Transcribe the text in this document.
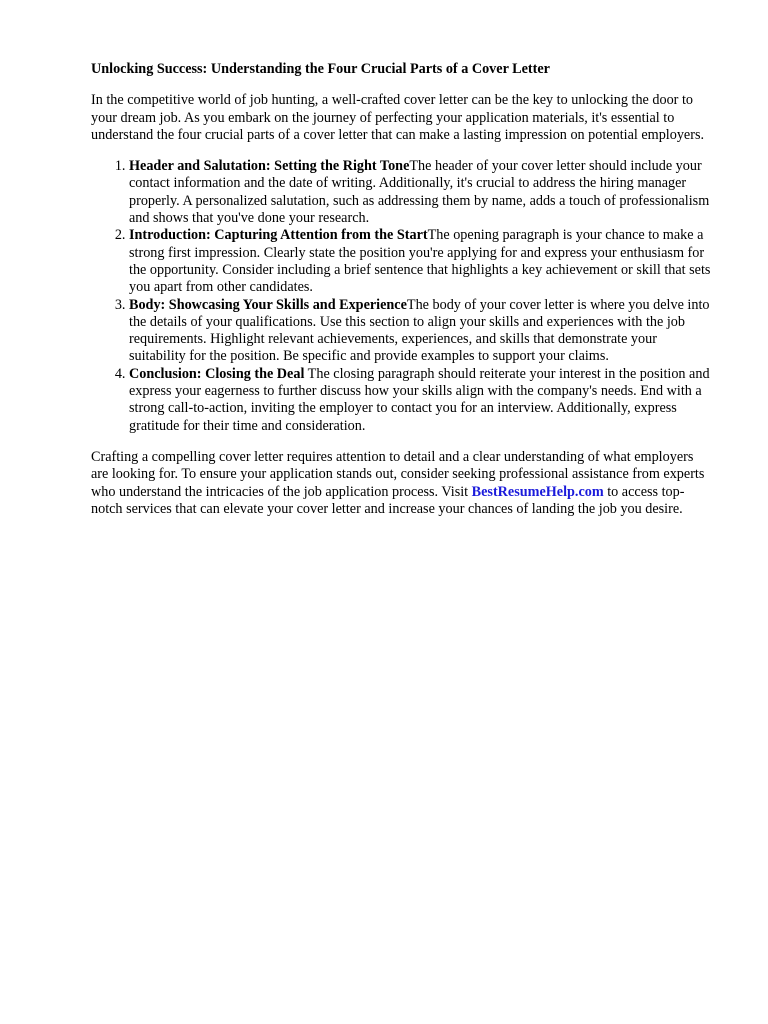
Unlocking Success: Understanding the Four Crucial Parts of a Cover Letter

In the competitive world of job hunting, a well-crafted cover letter can be the key to unlocking the door to your dream job. As you embark on the journey of perfecting your application materials, it's essential to understand the four crucial parts of a cover letter that can make a lasting impression on potential employers.

1. Header and Salutation: Setting the Right ToneThe header of your cover letter should include your contact information and the date of writing. Additionally, it's crucial to address the hiring manager properly. A personalized salutation, such as addressing them by name, adds a touch of professionalism and shows that you've done your research.
2. Introduction: Capturing Attention from the StartThe opening paragraph is your chance to make a strong first impression. Clearly state the position you're applying for and express your enthusiasm for the opportunity. Consider including a brief sentence that highlights a key achievement or skill that sets you apart from other candidates.
3. Body: Showcasing Your Skills and ExperienceThe body of your cover letter is where you delve into the details of your qualifications. Use this section to align your skills and experiences with the job requirements. Highlight relevant achievements, experiences, and skills that demonstrate your suitability for the position. Be specific and provide examples to support your claims.
4. Conclusion: Closing the Deal The closing paragraph should reiterate your interest in the position and express your eagerness to further discuss how your skills align with the company's needs. End with a strong call-to-action, inviting the employer to contact you for an interview. Additionally, express gratitude for their time and consideration.

Crafting a compelling cover letter requires attention to detail and a clear understanding of what employers are looking for. To ensure your application stands out, consider seeking professional assistance from experts who understand the intricacies of the job application process. Visit BestResumeHelp.com to access top-notch services that can elevate your cover letter and increase your chances of landing the job you desire.
